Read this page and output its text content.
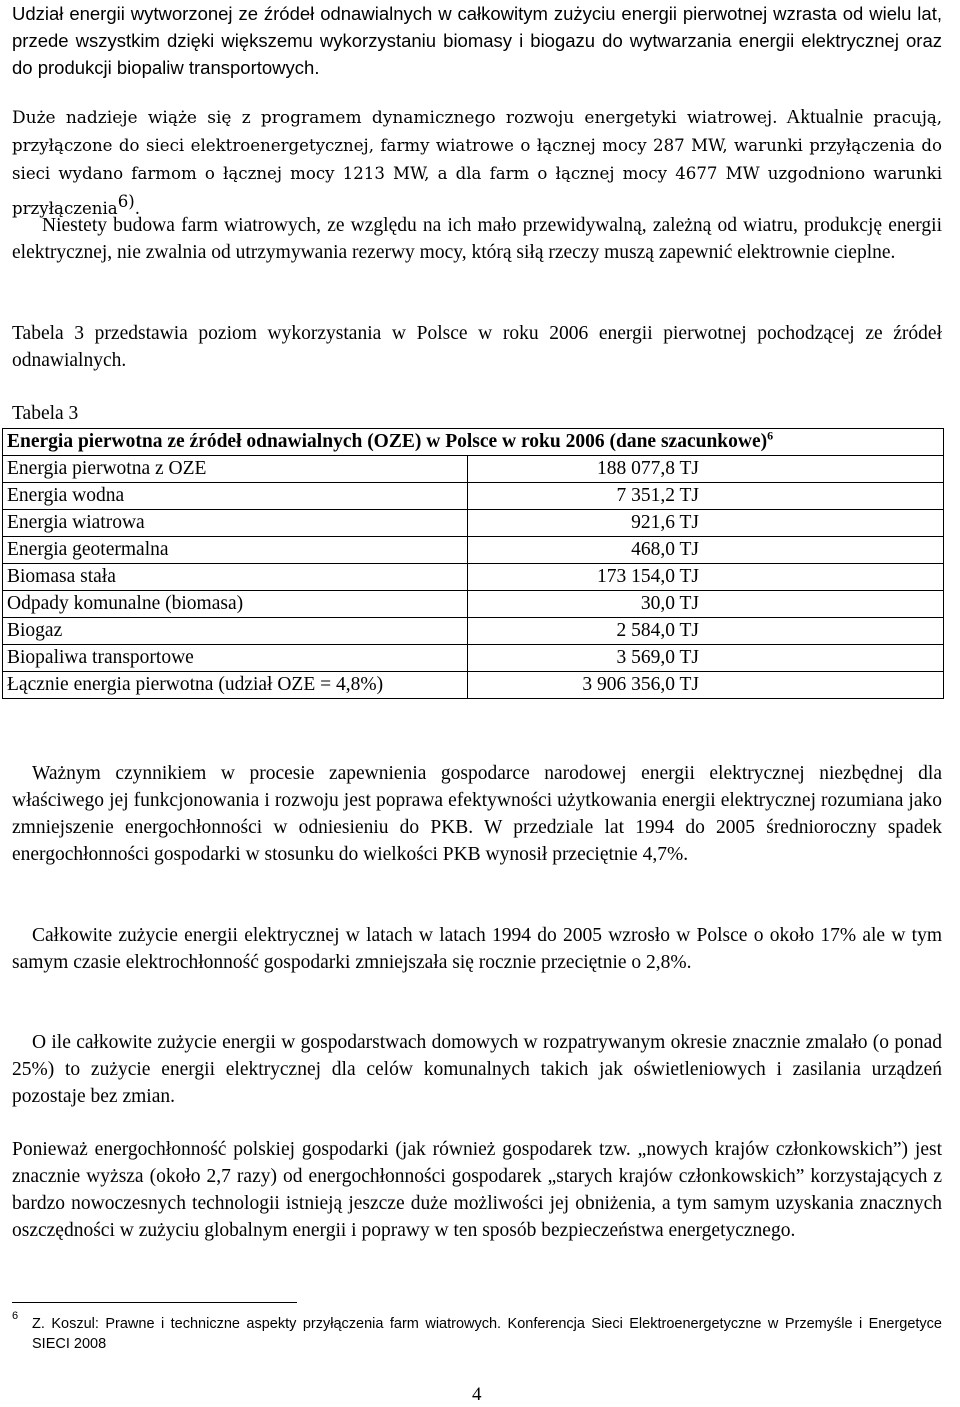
Udział energii wytworzonej ze źródeł odnawialnych w całkowitym zużyciu energii pierwotnej wzrasta od wielu lat, przede wszystkim dzięki większemu wykorzystaniu biomasy i biogazu do wytwarzania energii elektrycznej oraz do produkcji biopaliw transportowych.

Duże nadzieje wiąże się z programem dynamicznego rozwoju energetyki wiatrowej. Aktualnie pracują, przyłączone do sieci elektroenergetycznej, farmy wiatrowe o łącznej mocy 287 MW, warunki przyłączenia do sieci wydano farmom o łącznej mocy 1213 MW, a dla farm o łącznej mocy 4677 MW uzgodniono warunki przyłączenia$^{6)}$.

Niestety budowa farm wiatrowych, ze względu na ich mało przewidywalną, zależną od wiatru, produkcję energii elektrycznej, nie zwalnia od utrzymywania rezerwy mocy, którą siłą rzeczy muszą zapewnić elektrownie cieplne.

Tabela 3 przedstawia poziom wykorzystania w Polsce w roku 2006 energii pierwotnej pochodzącej ze źródeł odnawialnych.

Tabela 3

Energia pierwotna ze źródeł odnawialnych (OZE) w Polsce w roku 2006 (dane szacunkowe)$^6$
Energia pierwotna z OZE	188 077,8 TJ
Energia wodna	7 351,2 TJ
Energia wiatrowa	921,6 TJ
Energia geotermalna	468,0 TJ
Biomasa stała	173 154,0 TJ
Odpady komunalne (biomasa)	30,0 TJ
Biogaz	2 584,0 TJ
Biopaliwa transportowe	3 569,0 TJ
Łącznie energia pierwotna (udział OZE = 4,8%)	3 906 356,0 TJ

Ważnym czynnikiem w procesie zapewnienia gospodarce narodowej energii elektrycznej niezbędnej dla właściwego jej funkcjonowania i rozwoju jest poprawa efektywności użytkowania energii elektrycznej rozumiana jako zmniejszenie energochłonności w odniesieniu do PKB. W przedziale lat 1994 do 2005 średnioroczny spadek energochłonności gospodarki w stosunku do wielkości PKB wynosił przeciętnie 4,7%.

Całkowite zużycie energii elektrycznej w latach w latach 1994 do 2005 wzrosło w Polsce o około 17% ale w tym samym czasie elektrochłonność gospodarki zmniejszała się rocznie przeciętnie o 2,8%.

O ile całkowite zużycie energii w gospodarstwach domowych w rozpatrywanym okresie znacznie zmalało (o ponad 25%) to zużycie energii elektrycznej dla celów komunalnych takich jak oświetleniowych i zasilania urządzeń pozostaje bez zmian.

Ponieważ energochłonność polskiej gospodarki (jak również gospodarek tzw. „nowych krajów członkowskich”) jest znacznie wyższa (około 2,7 razy) od energochłonności gospodarek „starych krajów członkowskich” korzystających z bardzo nowoczesnych technologii istnieją jeszcze duże możliwości jej obniżenia, a tym samym uzyskania znacznych oszczędności w zużyciu globalnym energii i poprawy w ten sposób bezpieczeństwa energetycznego.

6 Z. Koszul: Prawne i techniczne aspekty przyłączenia farm wiatrowych. Konferencja Sieci Elektroenergetyczne w Przemyśle i Energetyce SIECI 2008
4
